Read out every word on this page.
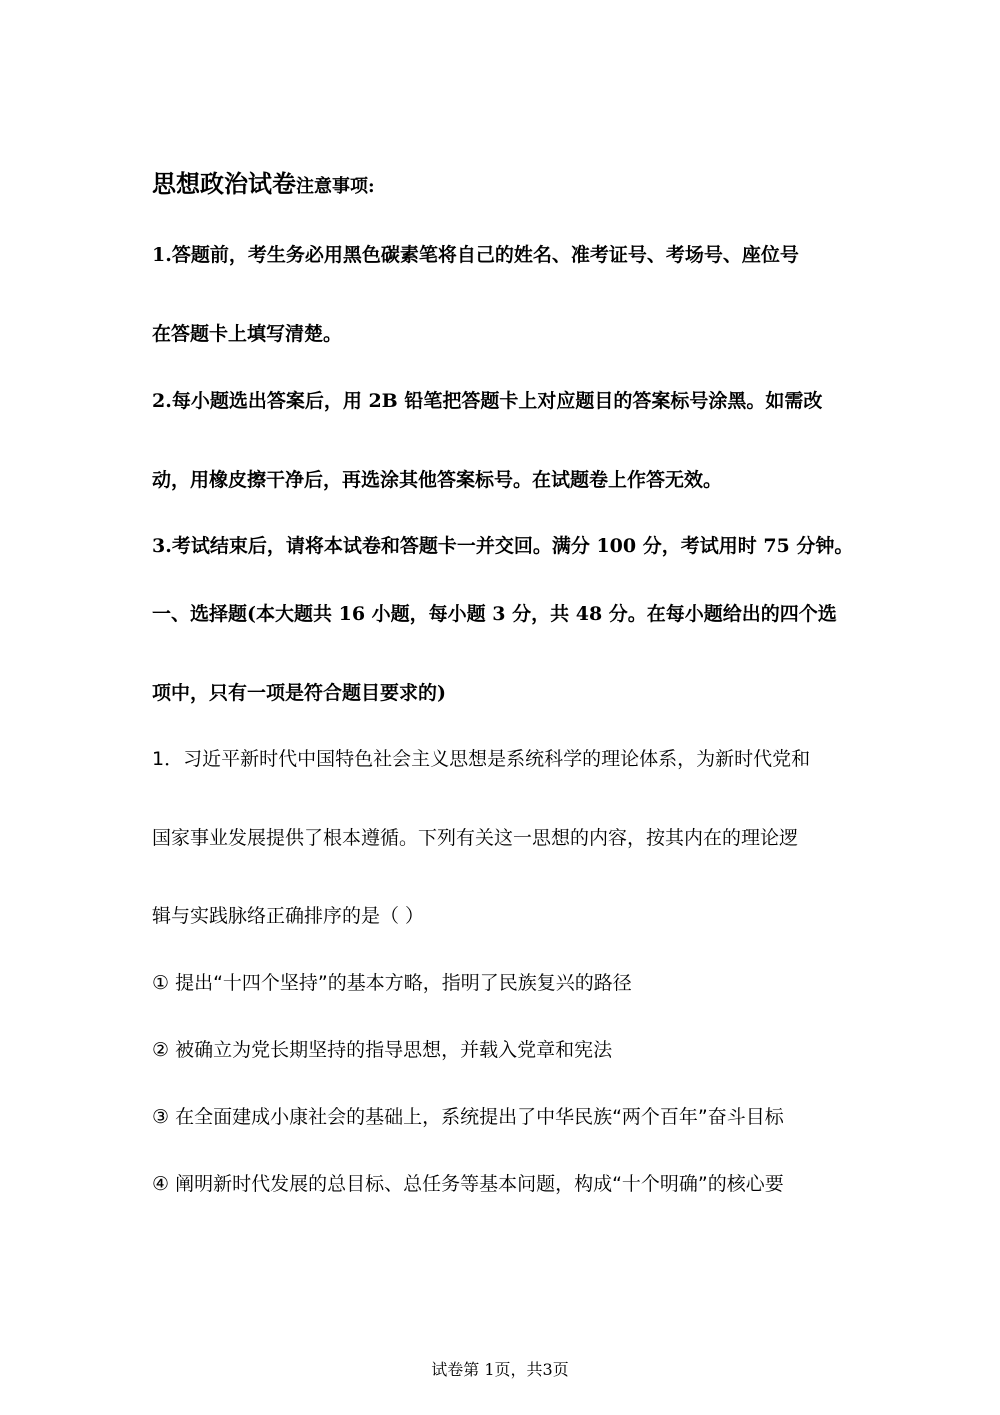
思想政治试卷注意事项:
1.答题前，考生务必用黑色碳素笔将自己的姓名、准考证号、考场号、座位号
在答题卡上填写清楚。
2.每小题选出答案后，用 2B 铅笔把答题卡上对应题目的答案标号涂黑。如需改
动，用橡皮擦干净后，再选涂其他答案标号。在试题卷上作答无效。
3.考试结束后，请将本试卷和答题卡一并交回。满分 100 分，考试用时 75 分钟。
一、选择题(本大题共 16 小题，每小题 3 分，共 48 分。在每小题给出的四个选
项中，只有一项是符合题目要求的)
1．习近平新时代中国特色社会主义思想是系统科学的理论体系，为新时代党和
国家事业发展提供了根本遵循。下列有关这一思想的内容，按其内在的理论逻
辑与实践脉络正确排序的是（ ）
① 提出“十四个坚持”的基本方略，指明了民族复兴的路径
② 被确立为党长期坚持的指导思想，并载入党章和宪法
③ 在全面建成小康社会的基础上，系统提出了中华民族“两个百年”奋斗目标
④ 阐明新时代发展的总目标、总任务等基本问题，构成“十个明确”的核心要
试卷第 1页，共3页
